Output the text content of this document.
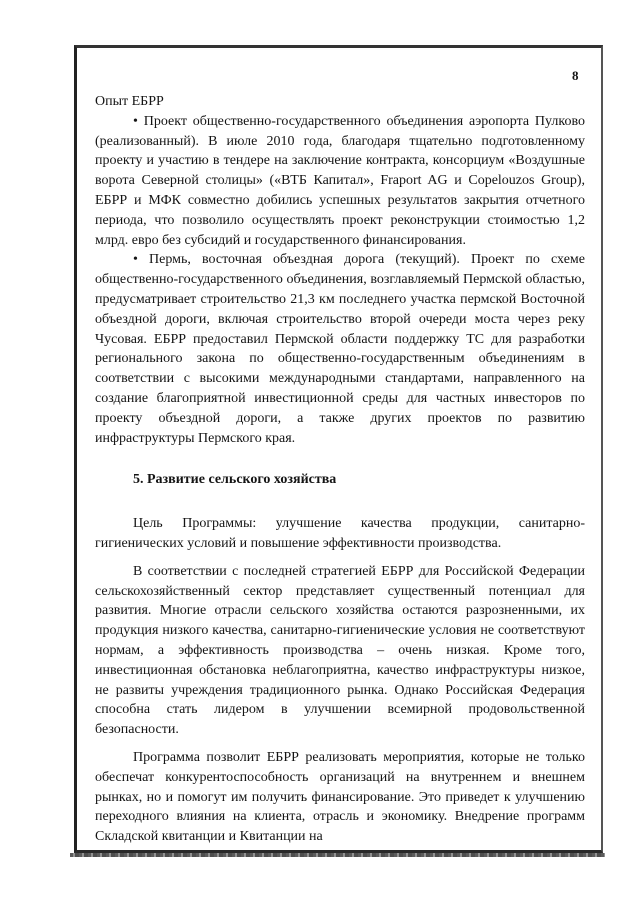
8

Опыт ЕБРР

• Проект общественно-государственного объединения аэропорта Пулково (реализованный). В июле 2010 года, благодаря тщательно подготовленному проекту и участию в тендере на заключение контракта, консорциум «Воздушные ворота Северной столицы» («ВТБ Капитал», Fraport AG и Copelouzos Group), ЕБРР и МФК совместно добились успешных результатов закрытия отчетного периода, что позволило осуществлять проект реконструкции стоимостью 1,2 млрд. евро без субсидий и государственного финансирования.

• Пермь, восточная объездная дорога (текущий). Проект по схеме общественно-государственного объединения, возглавляемый Пермской областью, предусматривает строительство 21,3 км последнего участка пермской Восточной объездной дороги, включая строительство второй очереди моста через реку Чусовая. ЕБРР предоставил Пермской области поддержку ТС для разработки регионального закона по общественно-государственным объединениям в соответствии с высокими международными стандартами, направленного на создание благоприятной инвестиционной среды для частных инвесторов по проекту объездной дороги, а также других проектов по развитию инфраструктуры Пермского края.

5. Развитие сельского хозяйства

Цель Программы: улучшение качества продукции, санитарно-гигиенических условий и повышение эффективности производства.

В соответствии с последней стратегией ЕБРР для Российской Федерации сельскохозяйственный сектор представляет существенный потенциал для развития. Многие отрасли сельского хозяйства остаются разрозненными, их продукция низкого качества, санитарно-гигиенические условия не соответствуют нормам, а эффективность производства – очень низкая. Кроме того, инвестиционная обстановка неблагоприятна, качество инфраструктуры низкое, не развиты учреждения традиционного рынка. Однако Российская Федерация способна стать лидером в улучшении всемирной продовольственной безопасности.

Программа позволит ЕБРР реализовать мероприятия, которые не только обеспечат конкурентоспособность организаций на внутреннем и внешнем рынках, но и помогут им получить финансирование. Это приведет к улучшению переходного влияния на клиента, отрасль и экономику. Внедрение программ Складской квитанции и Квитанции на
